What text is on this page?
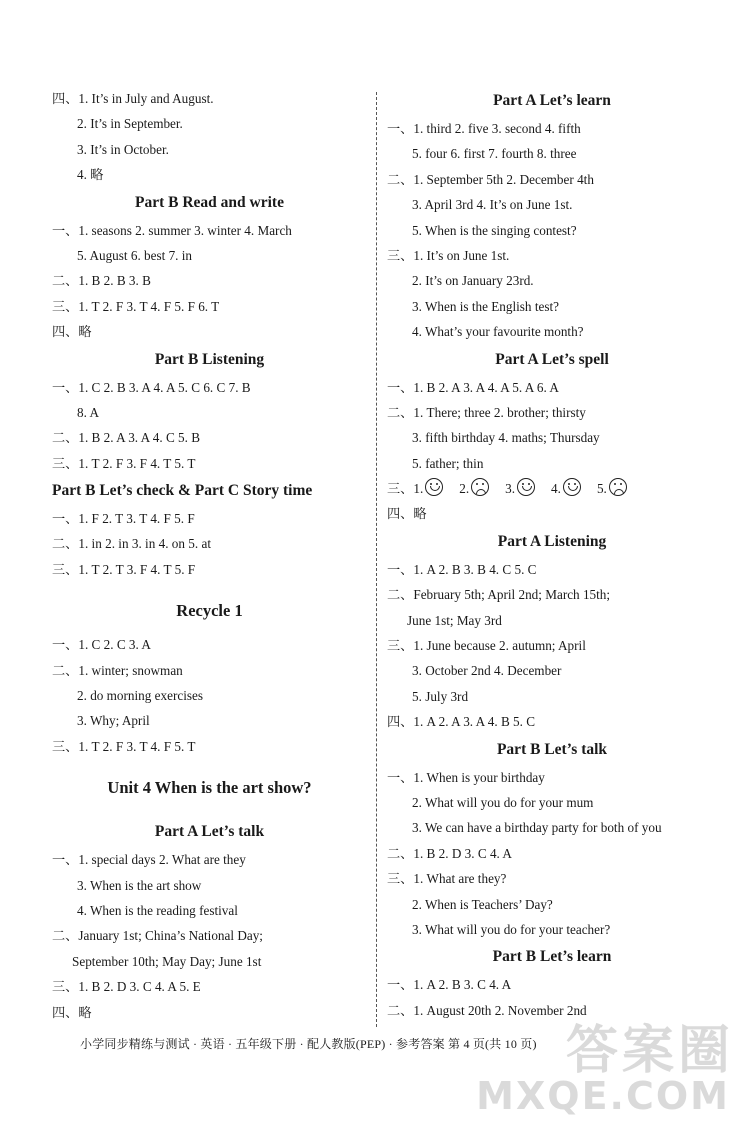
四、1. It’s in July and August.
2. It’s in September.
3. It’s in October.
4. 略
Part B Read and write
一、1. seasons 2. summer 3. winter 4. March
5. August 6. best 7. in
二、1. B 2. B 3. B
三、1. T 2. F 3. T 4. F 5. F 6. T
四、略
Part B Listening
一、1. C 2. B 3. A 4. A 5. C 6. C 7. B
8. A
二、1. B 2. A 3. A 4. C 5. B
三、1. T 2. F 3. F 4. T 5. T
Part B Let’s check & Part C Story time
一、1. F 2. T 3. T 4. F 5. F
二、1. in 2. in 3. in 4. on 5. at
三、1. T 2. T 3. F 4. T 5. F
Recycle 1
一、1. C 2. C 3. A
二、1. winter; snowman
2. do morning exercises
3. Why; April
三、1. T 2. F 3. T 4. F 5. T
Unit 4 When is the art show?
Part A Let’s talk
一、1. special days 2. What are they
3. When is the art show
4. When is the reading festival
二、January 1st; China’s National Day;
September 10th; May Day; June 1st
三、1. B 2. D 3. C 4. A 5. E
四、略
Part A Let’s learn
一、1. third 2. five 3. second 4. fifth
5. four 6. first 7. fourth 8. three
二、1. September 5th 2. December 4th
3. April 3rd 4. It’s on June 1st.
5. When is the singing contest?
三、1. It’s on June 1st.
2. It’s on January 23rd.
3. When is the English test?
4. What’s your favourite month?
Part A Let’s spell
一、1. B 2. A 3. A 4. A 5. A 6. A
二、1. There; three 2. brother; thirsty
3. fifth birthday 4. maths; Thursday
5. father; thin
三、1.	2.	3.	4.	5.
四、略
Part A Listening
一、1. A 2. B 3. B 4. C 5. C
二、February 5th; April 2nd; March 15th;
June 1st; May 3rd
三、1. June because 2. autumn; April
3. October 2nd 4. December
5. July 3rd
四、1. A 2. A 3. A 4. B 5. C
Part B Let’s talk
一、1. When is your birthday
2. What will you do for your mum
3. We can have a birthday party for both of you
二、1. B 2. D 3. C 4. A
三、1. What are they?
2. When is Teachers’ Day?
3. What will you do for your teacher?
Part B Let’s learn
一、1. A 2. B 3. C 4. A
二、1. August 20th 2. November 2nd
小学同步精练与测试 · 英语 · 五年级下册 · 配人教版(PEP) · 参考答案 第 4 页(共 10 页) 答案圈
MXQE.COM
